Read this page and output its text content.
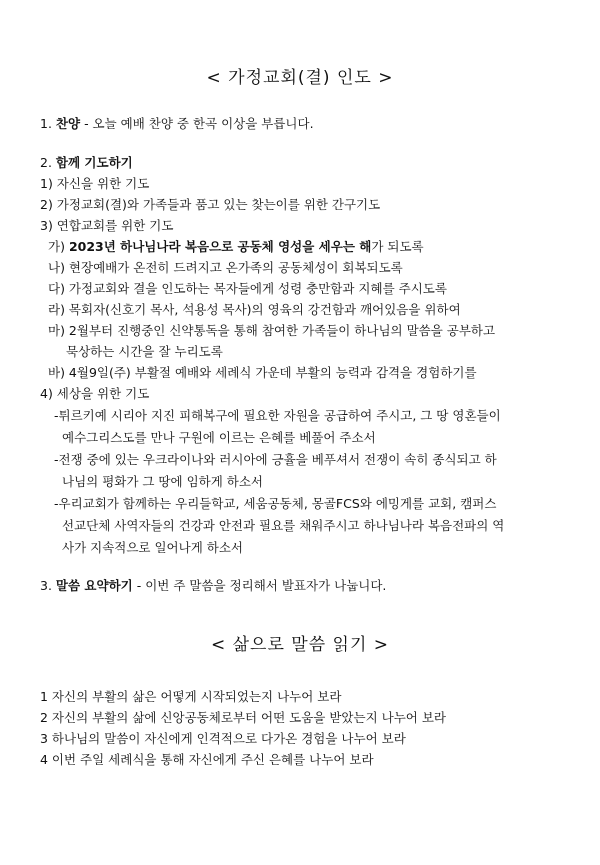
< 가정교회(결) 인도 >
1. 찬양 - 오늘 예배 찬양 중 한곡 이상을 부릅니다.
2. 함께 기도하기
1) 자신을 위한 기도
2) 가정교회(결)와 가족들과 품고 있는 찾는이를 위한 간구기도
3) 연합교회를 위한 기도
가) 2023년 하나님나라 복음으로 공동체 영성을 세우는 해가 되도록
나) 현장예배가 온전히 드려지고 온가족의 공동체성이 회복되도록
다) 가정교회와 결을 인도하는 목자들에게 성령 충만함과 지혜를 주시도록
라) 목회자(신호기 목사, 석용성 목사)의 영육의 강건함과 깨어있음을 위하여
마) 2월부터 진행중인 신약통독을 통해 참여한 가족들이 하나님의 말씀을 공부하고
묵상하는 시간을 잘 누리도록
바) 4월9일(주) 부활절 예배와 세례식 가운데 부활의 능력과 감격을 경험하기를
4) 세상을 위한 기도
-튀르키예 시리아 지진 피해복구에 필요한 자원을 공급하여 주시고, 그 땅 영혼들이
예수그리스도를 만나 구원에 이르는 은혜를 베풀어 주소서
-전쟁 중에 있는 우크라이나와 러시아에 긍휼을 베푸셔서 전쟁이 속히 종식되고 하
나님의 평화가 그 땅에 임하게 하소서
-우리교회가 함께하는 우리들학교, 세움공동체, 몽골FCS와 에밍게를 교회, 캠퍼스
선교단체 사역자들의 건강과 안전과 필요를 채워주시고 하나님나라 복음전파의 역
사가 지속적으로 일어나게 하소서
3. 말씀 요약하기 - 이번 주 말씀을 정리해서 발표자가 나눕니다.
< 삶으로 말씀 읽기 >
1 자신의 부활의 삶은 어떻게 시작되었는지 나누어 보라
2 자신의 부활의 삶에 신앙공동체로부터 어떤 도움을 받았는지 나누어 보라
3 하나님의 말씀이 자신에게 인격적으로 다가온 경험을 나누어 보라
4 이번 주일 세례식을 통해 자신에게 주신 은혜를 나누어 보라
